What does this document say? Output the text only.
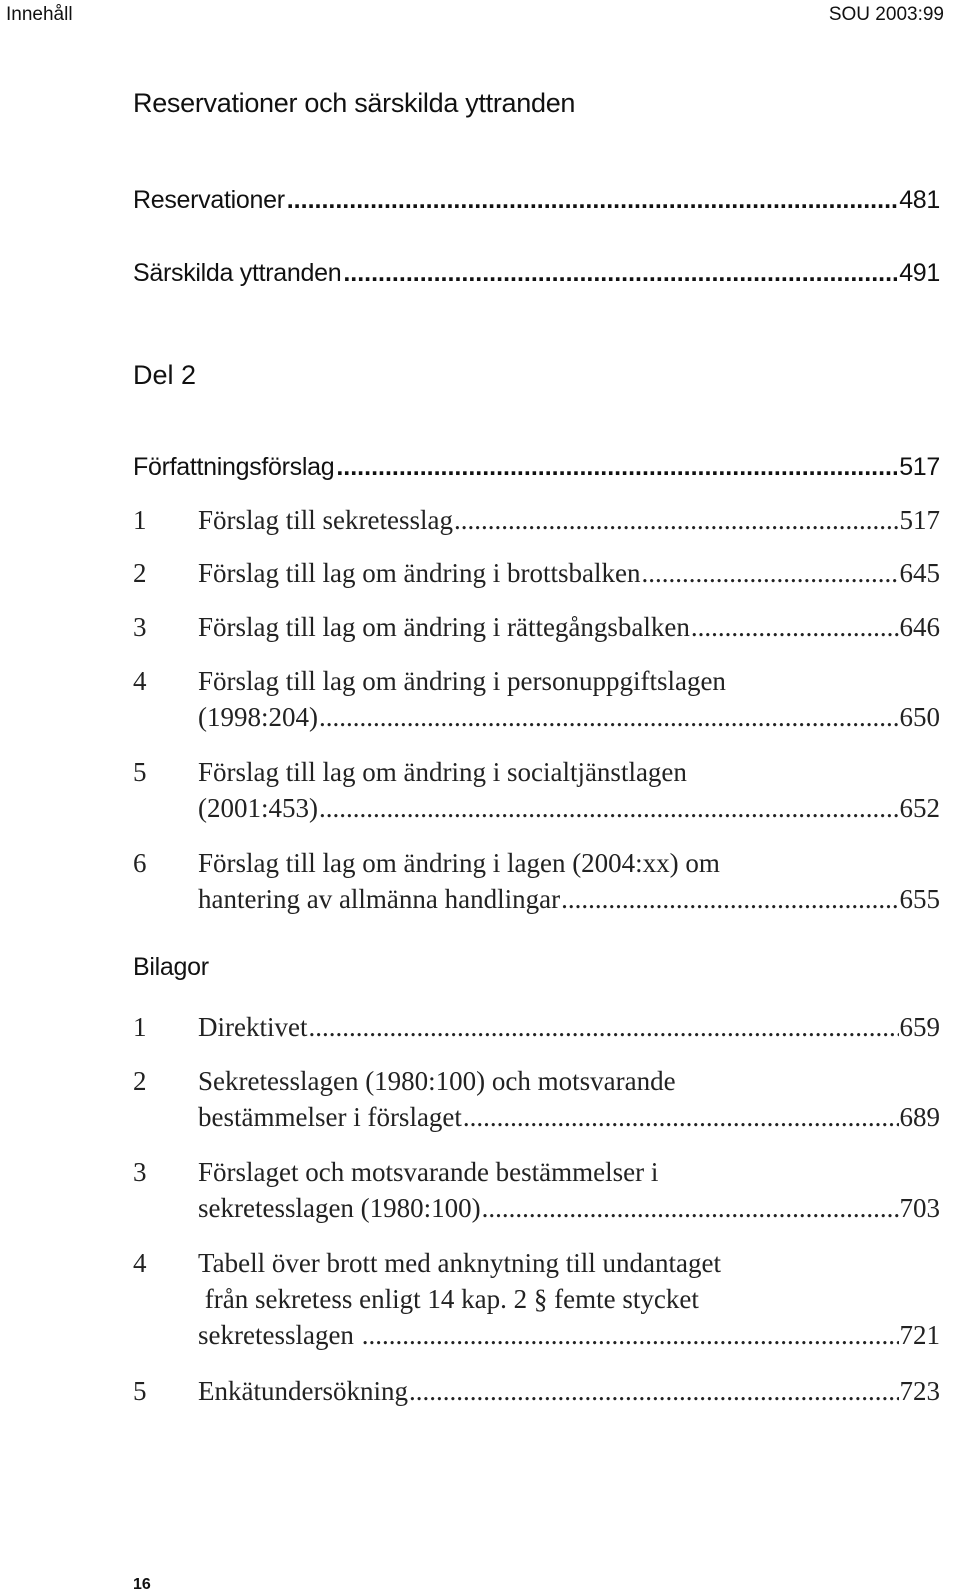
Innehåll	SOU 2003:99
Reservationer och särskilda yttranden
Reservationer .....	481
Särskilda yttranden .....	491
Del 2
Författningsförslag .....	517
1	Förslag till sekretesslag .....	517
2	Förslag till lag om ändring i brottsbalken .....	645
3	Förslag till lag om ändring i rättegångsbalken .....	646
4	Förslag till lag om ändring i personuppgiftslagen
(1998:204) .....	650
5	Förslag till lag om ändring i socialtjänstlagen
(2001:453) .....	652
6	Förslag till lag om ändring i lagen (2004:xx) om
hantering av allmänna handlingar .....	655
Bilagor
1	Direktivet .....	659
2	Sekretesslagen (1980:100) och motsvarande
bestämmelser i förslaget .....	689
3	Förslaget och motsvarande bestämmelser i
sekretesslagen (1980:100) .....	703
4	Tabell över brott med anknytning till undantaget
från sekretess enligt 14 kap. 2 § femte stycket
sekretesslagen .....	721
5	Enkätundersökning .....	723
16
